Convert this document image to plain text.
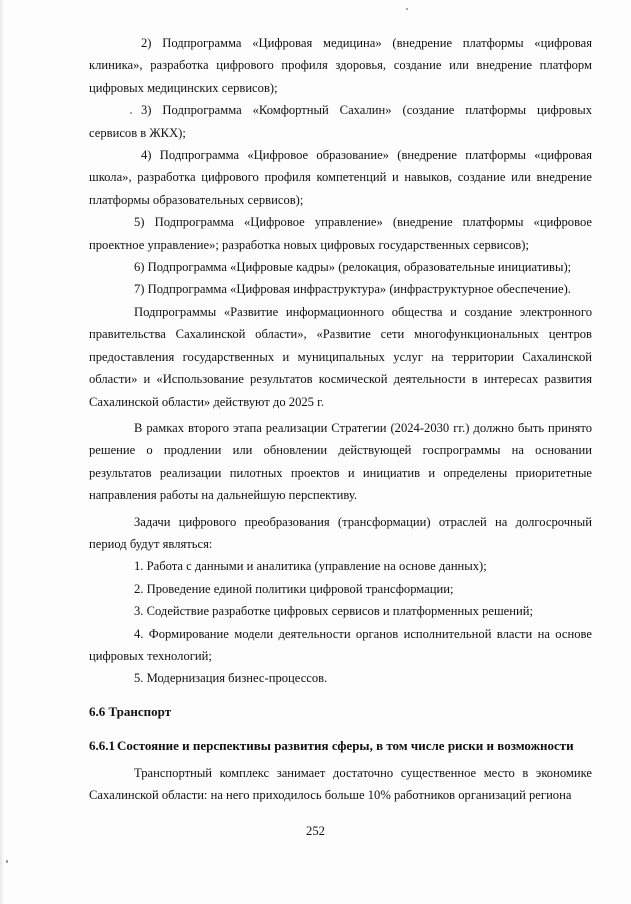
2) Подпрограмма «Цифровая медицина» (внедрение платформы «цифровая клиника», разработка цифрового профиля здоровья, создание или внедрение платформ цифровых медицинских сервисов);

3) Подпрограмма «Комфортный Сахалин» (создание платформы цифровых сервисов в ЖКХ);

4) Подпрограмма «Цифровое образование» (внедрение платформы «цифровая школа», разработка цифрового профиля компетенций и навыков, создание или внедрение платформы образовательных сервисов);

5) Подпрограмма «Цифровое управление» (внедрение платформы «цифровое проектное управление»; разработка новых цифровых государственных сервисов);

6) Подпрограмма «Цифровые кадры» (релокация, образовательные инициативы);

7) Подпрограмма «Цифровая инфраструктура» (инфраструктурное обеспечение).

Подпрограммы «Развитие информационного общества и создание электронного правительства Сахалинской области», «Развитие сети многофункциональных центров предоставления государственных и муниципальных услуг на территории Сахалинской области» и «Использование результатов космической деятельности в интересах развития Сахалинской области» действуют до 2025 г.

В рамках второго этапа реализации Стратегии (2024-2030 гг.) должно быть принято решение о продлении или обновлении действующей госпрограммы на основании результатов реализации пилотных проектов и инициатив и определены приоритетные направления работы на дальнейшую перспективу.

Задачи цифрового преобразования (трансформации) отраслей на долгосрочный период будут являться:

1. Работа с данными и аналитика (управление на основе данных);

2. Проведение единой политики цифровой трансформации;

3. Содействие разработке цифровых сервисов и платформенных решений;

4. Формирование модели деятельности органов исполнительной власти на основе цифровых технологий;

5. Модернизация бизнес-процессов.

6.6 Транспорт

6.6.1 Состояние и перспективы развития сферы, в том числе риски и возможности

Транспортный комплекс занимает достаточно существенное место в экономике Сахалинской области: на него приходилось больше 10% работников организаций региона

252
